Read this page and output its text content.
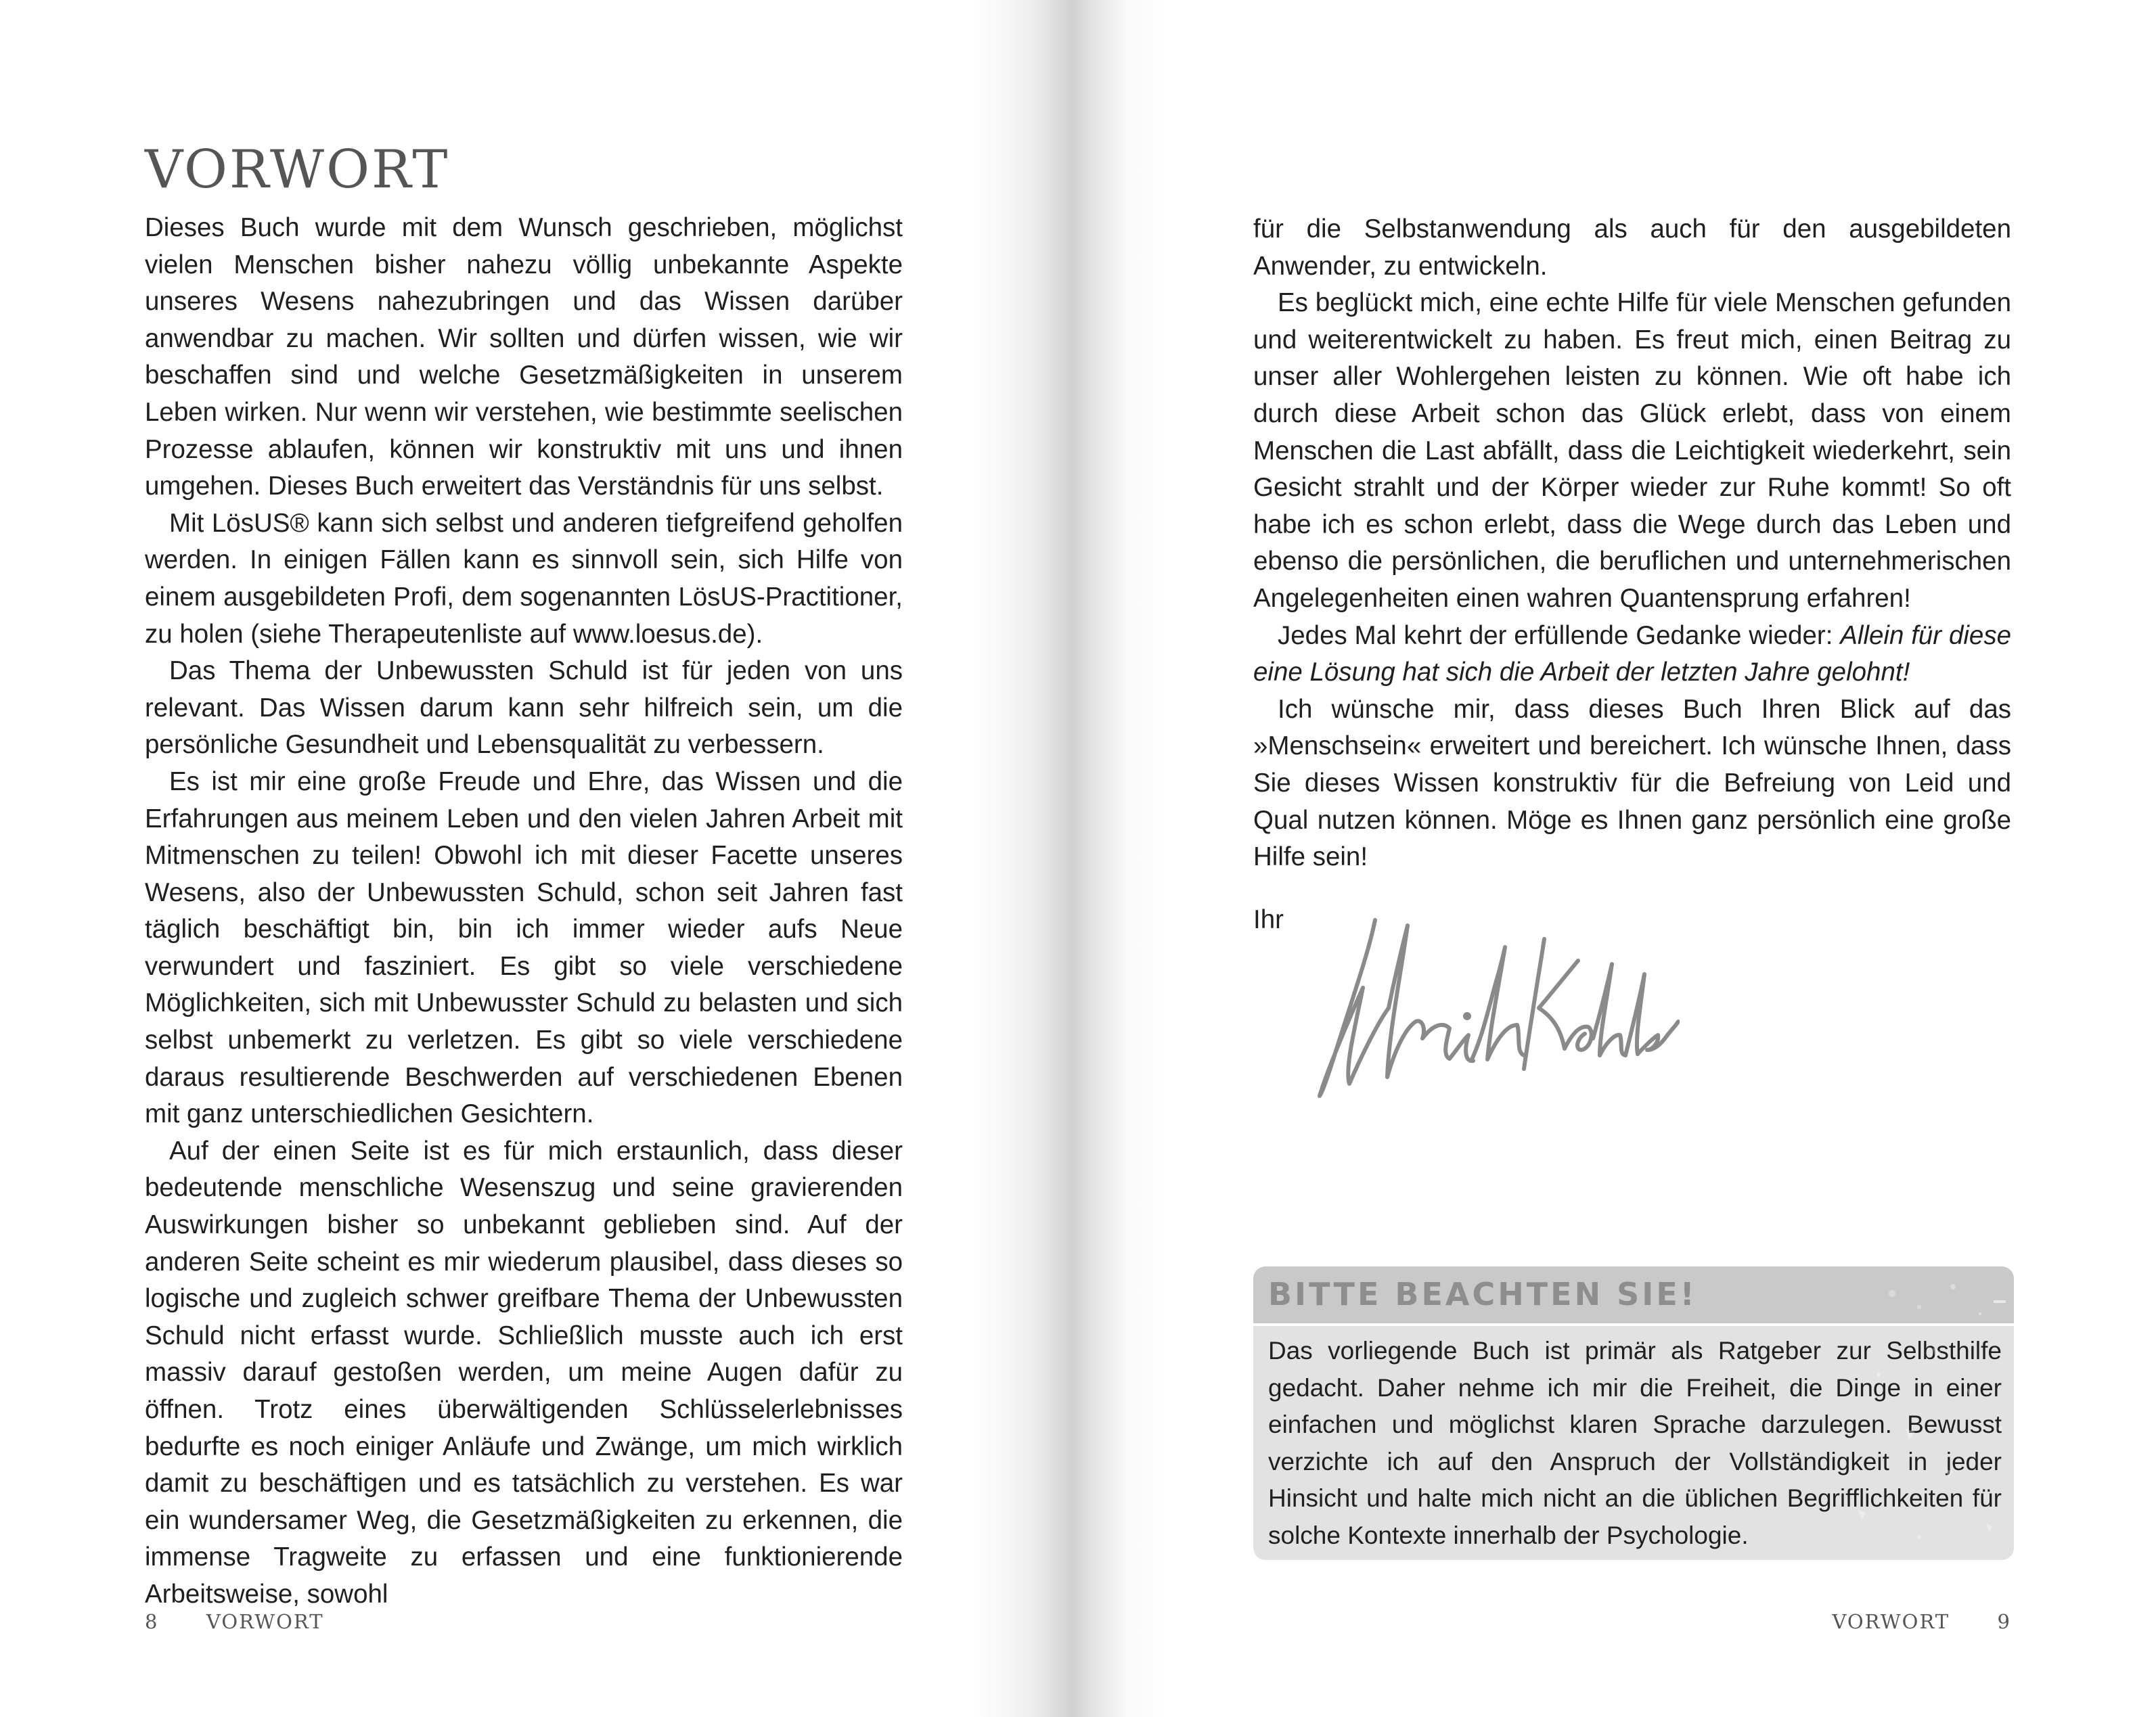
VORWORT

Dieses Buch wurde mit dem Wunsch geschrieben, möglichst vielen Menschen bisher nahezu völlig unbekannte Aspekte unseres Wesens nahezubringen und das Wissen darüber anwendbar zu machen. Wir sollten und dürfen wissen, wie wir beschaffen sind und welche Gesetzmäßigkeiten in unserem Leben wirken. Nur wenn wir verstehen, wie bestimmte seelischen Prozesse ablaufen, können wir konstruktiv mit uns und ihnen umgehen. Dieses Buch erweitert das Verständnis für uns selbst.

Mit LösUS® kann sich selbst und anderen tiefgreifend geholfen werden. In einigen Fällen kann es sinnvoll sein, sich Hilfe von einem ausgebildeten Profi, dem sogenannten LösUS-Practitioner, zu holen (siehe Therapeutenliste auf www.loesus.de).

Das Thema der Unbewussten Schuld ist für jeden von uns relevant. Das Wissen darum kann sehr hilfreich sein, um die persönliche Gesundheit und Lebensqualität zu verbessern.

Es ist mir eine große Freude und Ehre, das Wissen und die Erfahrungen aus meinem Leben und den vielen Jahren Arbeit mit Mitmenschen zu teilen! Obwohl ich mit dieser Facette unseres Wesens, also der Unbewussten Schuld, schon seit Jahren fast täglich beschäftigt bin, bin ich immer wieder aufs Neue verwundert und fasziniert. Es gibt so viele verschiedene Möglichkeiten, sich mit Unbewusster Schuld zu belasten und sich selbst unbemerkt zu verletzen. Es gibt so viele verschiedene daraus resultierende Beschwerden auf verschiedenen Ebenen mit ganz unterschiedlichen Gesichtern.

Auf der einen Seite ist es für mich erstaunlich, dass dieser bedeutende menschliche Wesenszug und seine gravierenden Auswirkungen bisher so unbekannt geblieben sind. Auf der anderen Seite scheint es mir wiederum plausibel, dass dieses so logische und zugleich schwer greifbare Thema der Unbewussten Schuld nicht erfasst wurde. Schließlich musste auch ich erst massiv darauf gestoßen werden, um meine Augen dafür zu öffnen. Trotz eines überwältigenden Schlüsselerlebnisses bedurfte es noch einiger Anläufe und Zwänge, um mich wirklich damit zu beschäftigen und es tatsächlich zu verstehen. Es war ein wundersamer Weg, die Gesetzmäßigkeiten zu erkennen, die immense Tragweite zu erfassen und eine funktionierende Arbeitsweise, sowohl

8 VORWORT

für die Selbstanwendung als auch für den ausgebildeten Anwender, zu entwickeln.

Es beglückt mich, eine echte Hilfe für viele Menschen gefunden und weiterentwickelt zu haben. Es freut mich, einen Beitrag zu unser aller Wohlergehen leisten zu können. Wie oft habe ich durch diese Arbeit schon das Glück erlebt, dass von einem Menschen die Last abfällt, dass die Leichtigkeit wiederkehrt, sein Gesicht strahlt und der Körper wieder zur Ruhe kommt! So oft habe ich es schon erlebt, dass die Wege durch das Leben und ebenso die persönlichen, die beruflichen und unternehmerischen Angelegenheiten einen wahren Quantensprung erfahren!

Jedes Mal kehrt der erfüllende Gedanke wieder: Allein für diese eine Lösung hat sich die Arbeit der letzten Jahre gelohnt!

Ich wünsche mir, dass dieses Buch Ihren Blick auf das »Menschsein« erweitert und bereichert. Ich wünsche Ihnen, dass Sie dieses Wissen konstruktiv für die Befreiung von Leid und Qual nutzen können. Möge es Ihnen ganz persönlich eine große Hilfe sein!

Ihr
BITTE BEACHTEN SIE!
Das vorliegende Buch ist primär als Ratgeber zur Selbsthilfe gedacht. Daher nehme ich mir die Freiheit, die Dinge in einer einfachen und möglichst klaren Sprache darzulegen. Bewusst verzichte ich auf den Anspruch der Vollständigkeit in jeder Hinsicht und halte mich nicht an die üblichen Begrifflichkeiten für solche Kontexte innerhalb der Psychologie.
VORWORT 9
